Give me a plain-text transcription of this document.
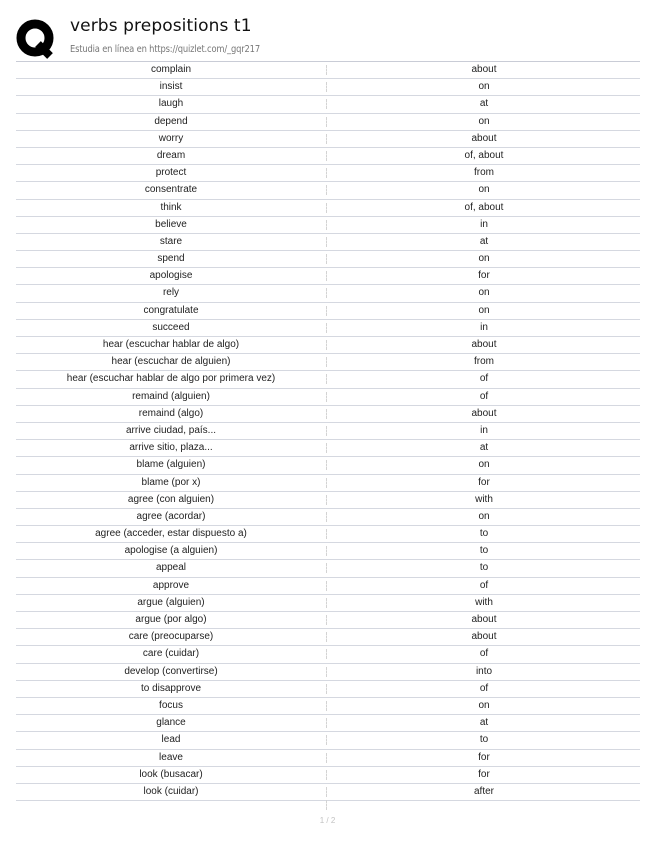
verbs prepositions t1
Estudia en línea en https://quizlet.com/_gqr217
complain	about
insist	on
laugh	at
depend	on
worry	about
dream	of, about
protect	from
consentrate	on
think	of, about
believe	in
stare	at
spend	on
apologise	for
rely	on
congratulate	on
succeed	in
hear (escuchar hablar de algo)	about
hear (escuchar de alguien)	from
hear (escuchar hablar de algo por primera vez)	of
remaind (alguien)	of
remaind (algo)	about
arrive ciudad, país...	in
arrive sitio, plaza...	at
blame (alguien)	on
blame (por x)	for
agree (con alguien)	with
agree (acordar)	on
agree (acceder, estar dispuesto a)	to
apologise (a alguien)	to
appeal	to
approve	of
argue (alguien)	with
argue (por algo)	about
care (preocuparse)	about
care (cuidar)	of
develop (convertirse)	into
to disapprove	of
focus	on
glance	at
lead	to
leave	for
look (busacar)	for
look (cuidar)	after
1 / 2
